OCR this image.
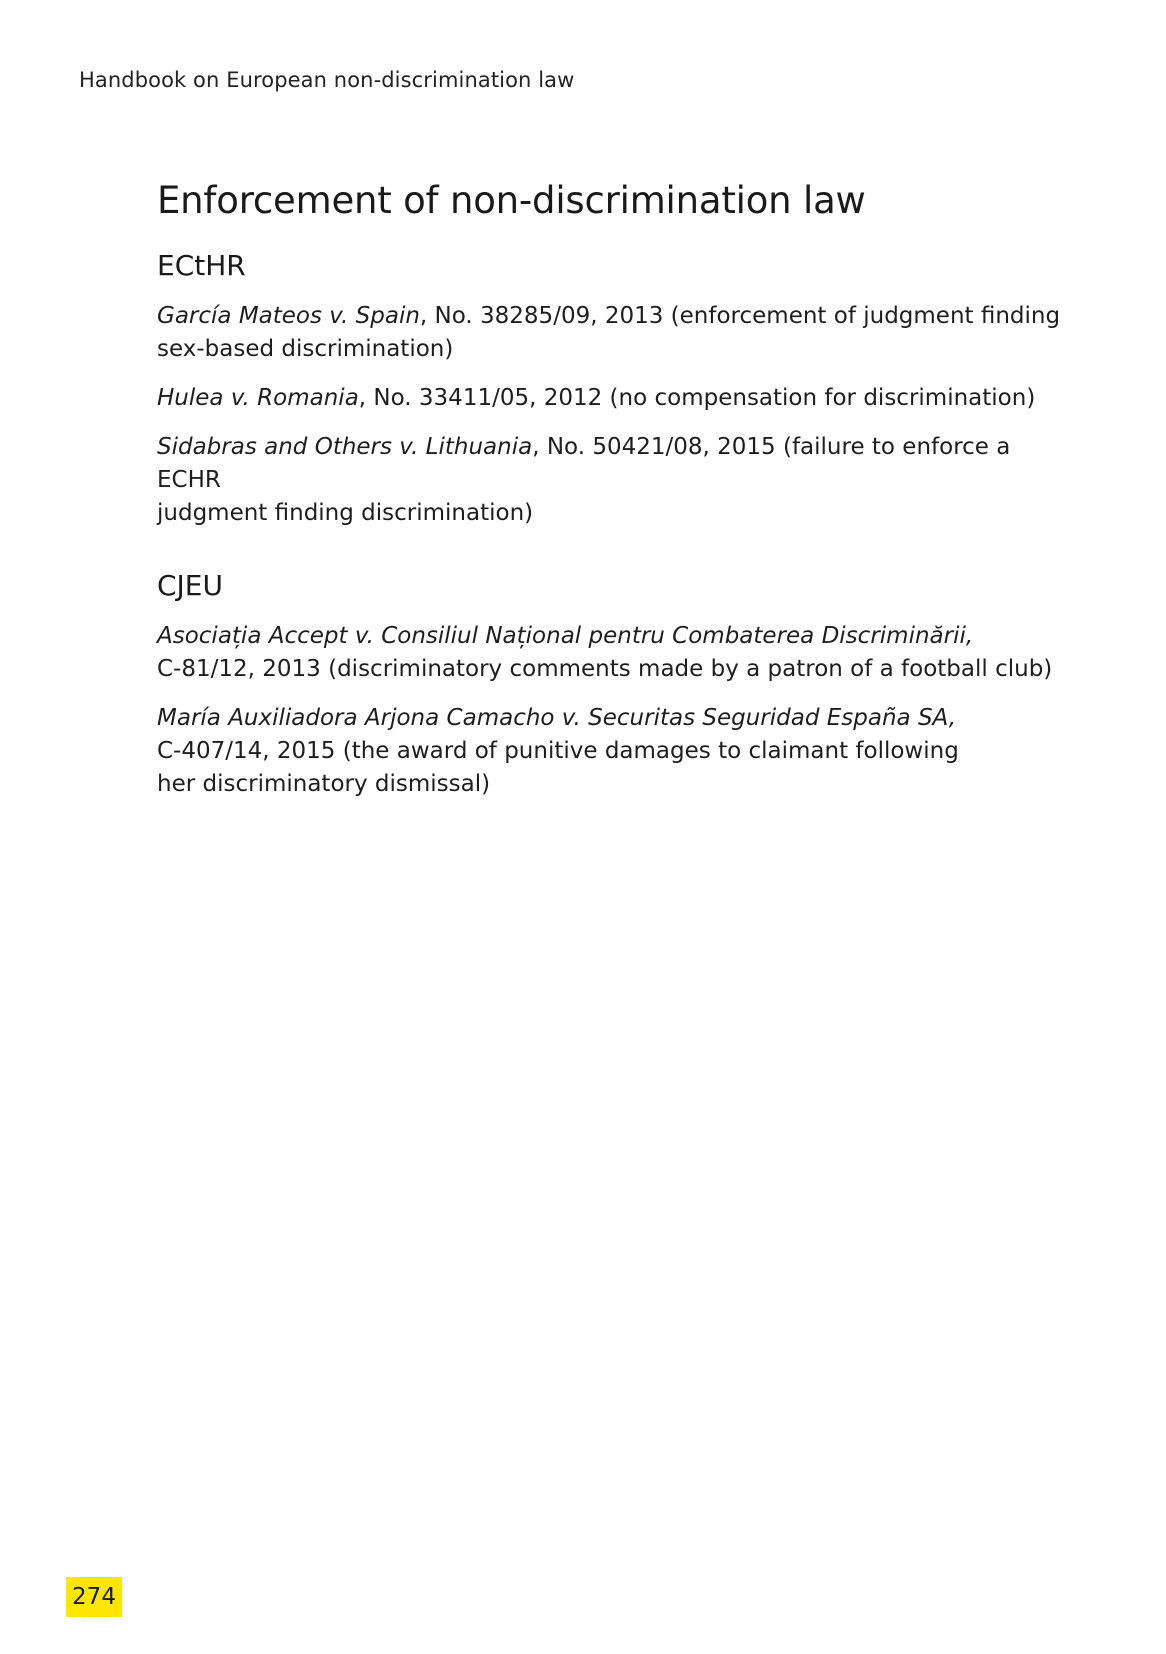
Handbook on European non-discrimination law
Enforcement of non-discrimination law
ECtHR

García Mateos v. Spain, No. 38285/09, 2013 (enforcement of judgment finding
sex-based discrimination)

Hulea v. Romania, No. 33411/05, 2012 (no compensation for discrimination)

Sidabras and Others v. Lithuania, No. 50421/08, 2015 (failure to enforce a ECHR
judgment finding discrimination)

CJEU

Asociația Accept v. Consiliul Național pentru Combaterea Discriminării,
C-81/12, 2013 (discriminatory comments made by a patron of a football club)

María Auxiliadora Arjona Camacho v. Securitas Seguridad España SA,
C-407/14, 2015 (the award of punitive damages to claimant following
her discriminatory dismissal)

274
